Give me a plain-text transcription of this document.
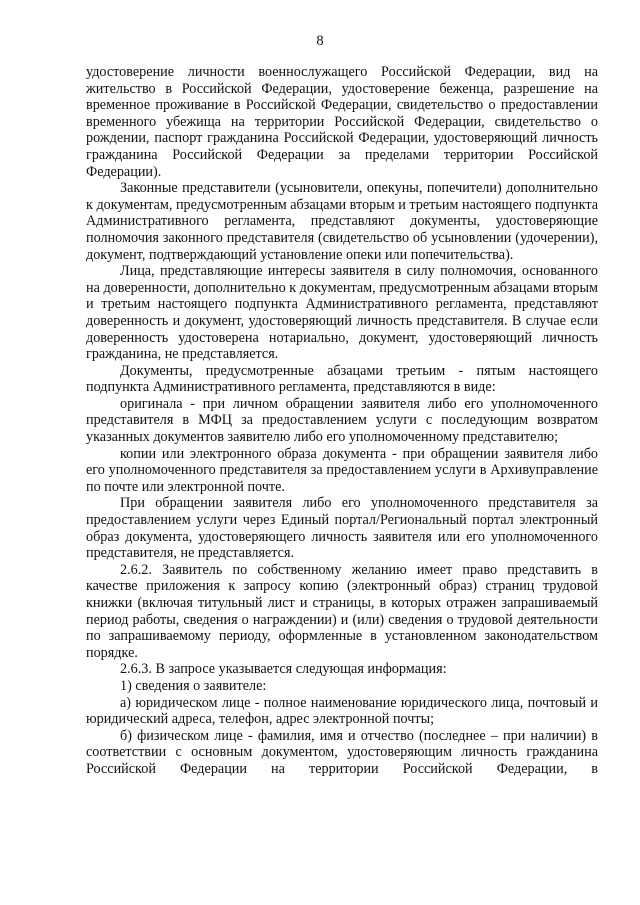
8

удостоверение личности военнослужащего Российской Федерации, вид на жительство в Российской Федерации, удостоверение беженца, разрешение на временное проживание в Российской Федерации, свидетельство о предоставлении временного убежища на территории Российской Федерации, свидетельство о рождении, паспорт гражданина Российской Федерации, удостоверяющий личность гражданина Российской Федерации за пределами территории Российской Федерации).

Законные представители (усыновители, опекуны, попечители) дополнительно к документам, предусмотренным абзацами вторым и третьим настоящего подпункта Административного регламента, представляют документы, удостоверяющие полномочия законного представителя (свидетельство об усыновлении (удочерении), документ, подтверждающий установление опеки или попечительства).

Лица, представляющие интересы заявителя в силу полномочия, основанного на доверенности, дополнительно к документам, предусмотренным абзацами вторым и третьим настоящего подпункта Административного регламента, представляют доверенность и документ, удостоверяющий личность представителя. В случае если доверенность удостоверена нотариально, документ, удостоверяющий личность гражданина, не представляется.

Документы, предусмотренные абзацами третьим - пятым настоящего подпункта Административного регламента, представляются в виде:

оригинала - при личном обращении заявителя либо его уполномоченного представителя в МФЦ за предоставлением услуги с последующим возвратом указанных документов заявителю либо его уполномоченному представителю;

копии или электронного образа документа - при обращении заявителя либо его уполномоченного представителя за предоставлением услуги в Архивуправление по почте или электронной почте.

При обращении заявителя либо его уполномоченного представителя за предоставлением услуги через Единый портал/Региональный портал электронный образ документа, удостоверяющего личность заявителя или его уполномоченного представителя, не представляется.

2.6.2. Заявитель по собственному желанию имеет право представить в качестве приложения к запросу копию (электронный образ) страниц трудовой книжки (включая титульный лист и страницы, в которых отражен запрашиваемый период работы, сведения о награждении) и (или) сведения о трудовой деятельности по запрашиваемому периоду, оформленные в установленном законодательством порядке.

2.6.3. В запросе указывается следующая информация:

1) сведения о заявителе:

а) юридическом лице - полное наименование юридического лица, почтовый и юридический адреса, телефон, адрес электронной почты;

б) физическом лице - фамилия, имя и отчество (последнее – при наличии) в соответствии с основным документом, удостоверяющим личность гражданина Российской Федерации на территории Российской Федерации, в
